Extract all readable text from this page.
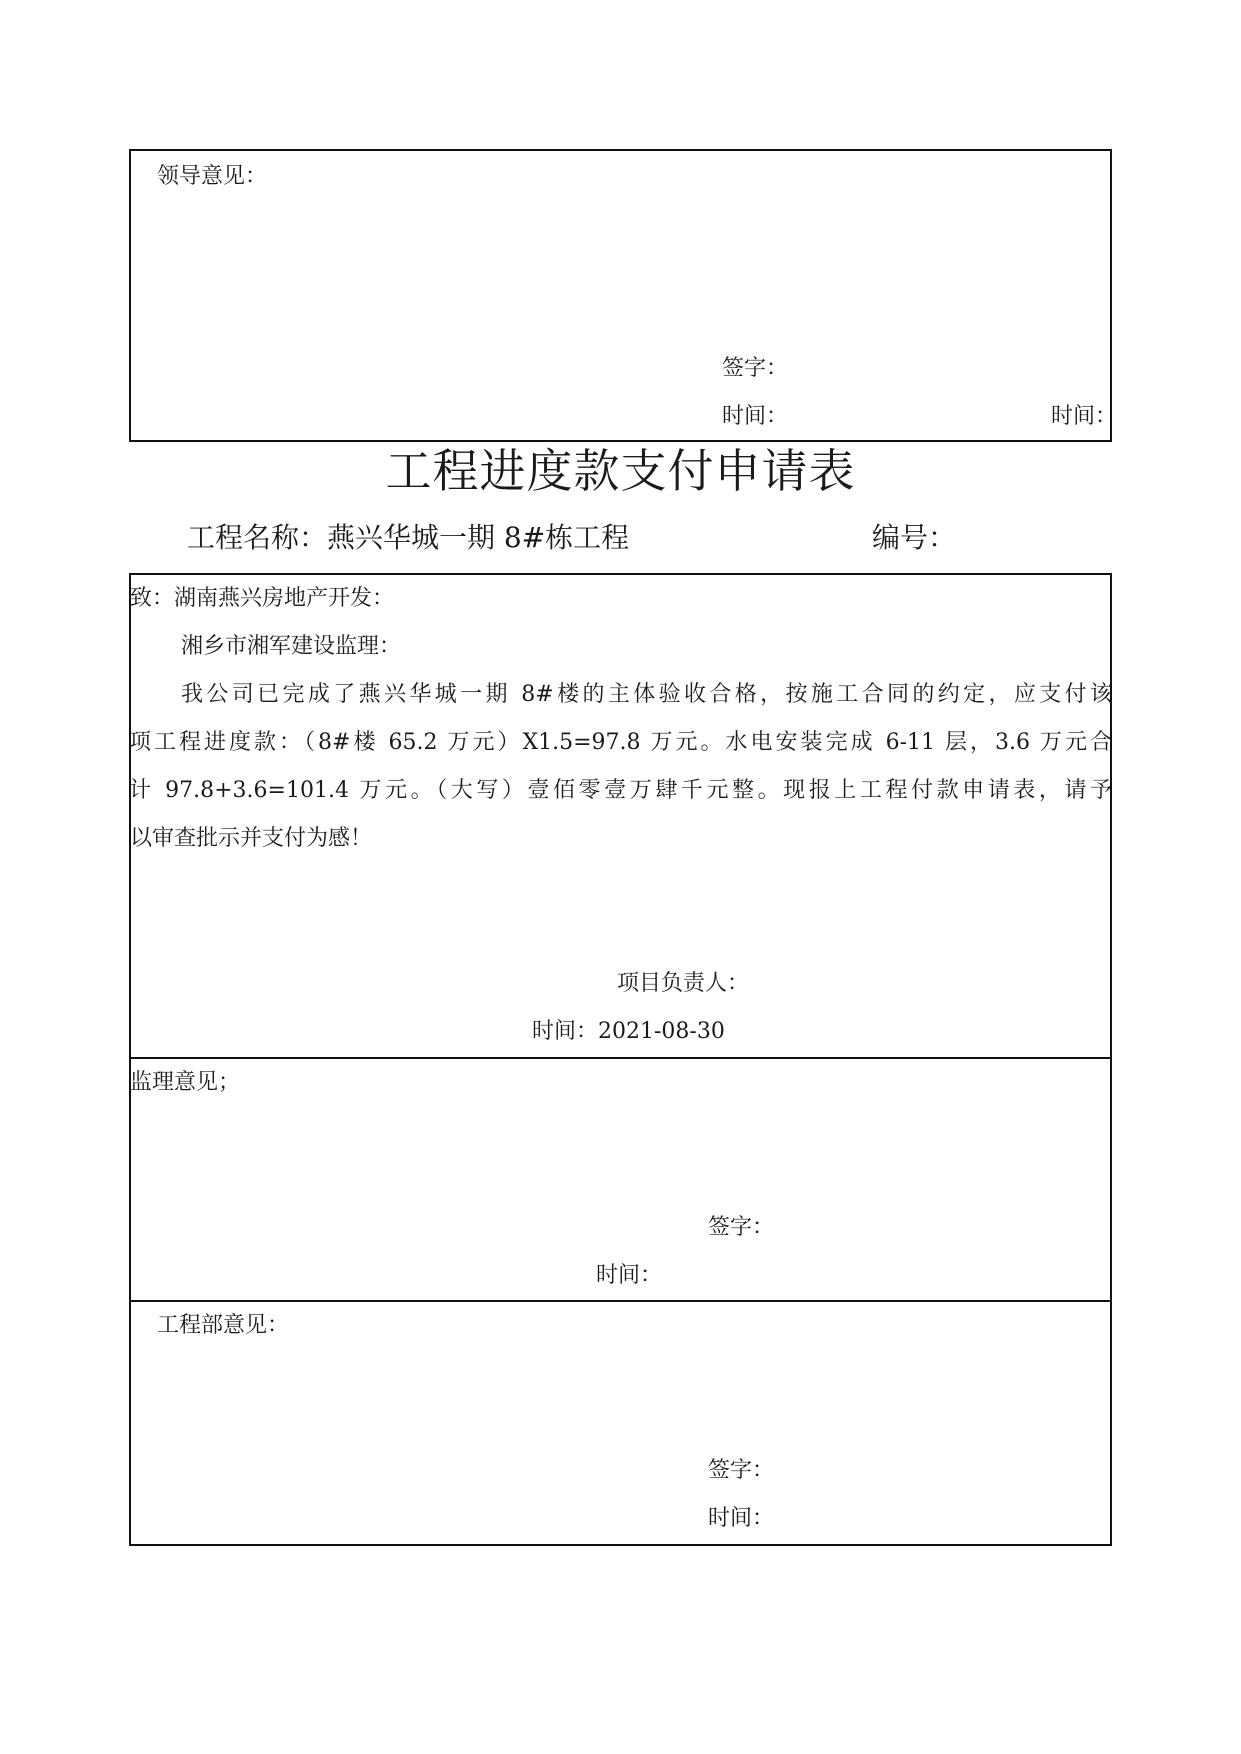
领导意见：
签字：
时间：	时间：
工程进度款支付申请表
工程名称：燕兴华城一期 8#栋工程	编号：
致：湖南燕兴房地产开发：
湘乡市湘军建设监理：
我公司已完成了燕兴华城一期 8#楼的主体验收合格，按施工合同的约定，应支付该
项工程进度款：（8#楼 65.2 万元）X1.5=97.8 万元。水电安装完成 6-11 层，3.6 万元合
计 97.8+3.6=101.4 万元。（大写）壹佰零壹万肆千元整。现报上工程付款申请表，请予
以审查批示并支付为感！
项目负责人：
时间：2021-08-30
监理意见；
签字：
时间：
工程部意见：
签字：
时间：
